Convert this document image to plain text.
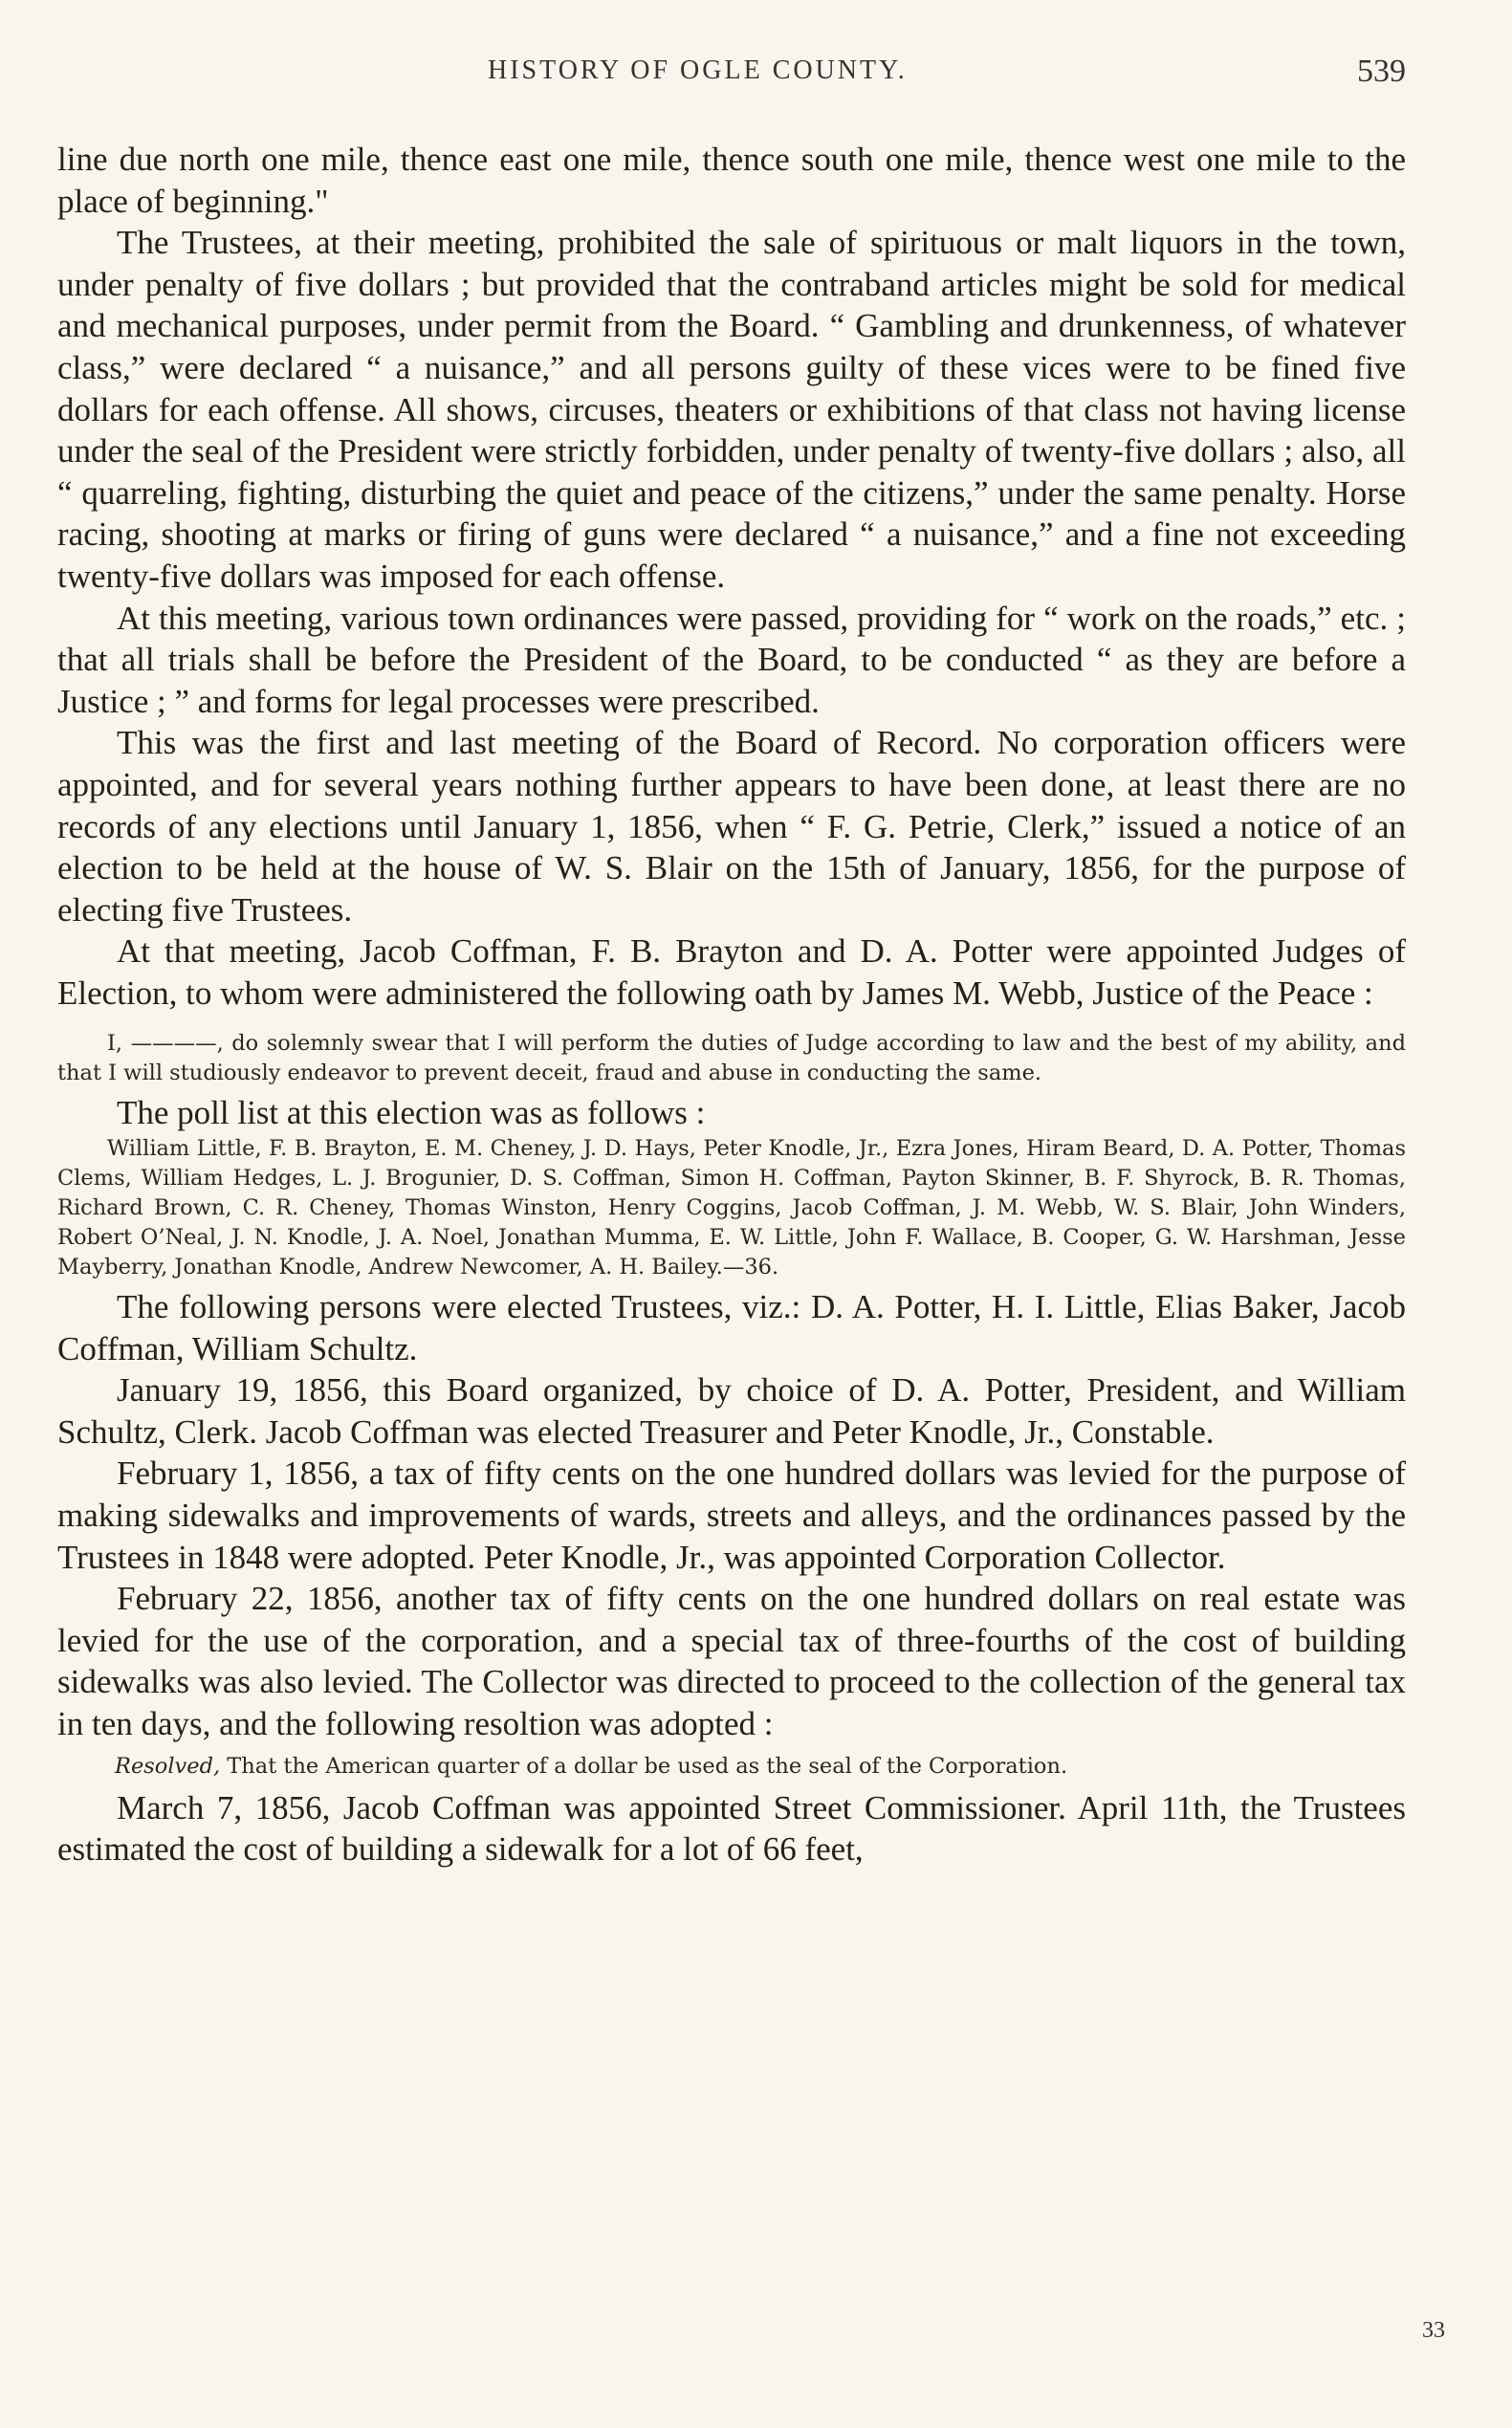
HISTORY OF OGLE COUNTY.	539

line due north one mile, thence east one mile, thence south one mile, thence west one mile to the place of beginning."

The Trustees, at their meeting, prohibited the sale of spirituous or malt liquors in the town, under penalty of five dollars ; but provided that the contraband articles might be sold for medical and mechanical purposes, under permit from the Board. “ Gambling and drunkenness, of whatever class,” were declared “ a nuisance,” and all persons guilty of these vices were to be fined five dollars for each offense. All shows, circuses, theaters or exhibitions of that class not having license under the seal of the President were strictly forbidden, under penalty of twenty-five dollars ; also, all “ quarreling, fighting, disturbing the quiet and peace of the citizens,” under the same penalty. Horse racing, shooting at marks or firing of guns were declared “ a nuisance,” and a fine not exceeding twenty-five dollars was imposed for each offense.

At this meeting, various town ordinances were passed, providing for “ work on the roads,” etc. ; that all trials shall be before the President of the Board, to be conducted “ as they are before a Justice ; ” and forms for legal processes were prescribed.

This was the first and last meeting of the Board of Record. No corporation officers were appointed, and for several years nothing further appears to have been done, at least there are no records of any elections until January 1, 1856, when “ F. G. Petrie, Clerk,” issued a notice of an election to be held at the house of W. S. Blair on the 15th of January, 1856, for the purpose of electing five Trustees.

At that meeting, Jacob Coffman, F. B. Brayton and D. A. Potter were appointed Judges of Election, to whom were administered the following oath by James M. Webb, Justice of the Peace :

I, ————, do solemnly swear that I will perform the duties of Judge according to law and the best of my ability, and that I will studiously endeavor to prevent deceit, fraud and abuse in conducting the same.

The poll list at this election was as follows :

William Little, F. B. Brayton, E. M. Cheney, J. D. Hays, Peter Knodle, Jr., Ezra Jones, Hiram Beard, D. A. Potter, Thomas Clems, William Hedges, L. J. Brogunier, D. S. Coffman, Simon H. Coffman, Payton Skinner, B. F. Shyrock, B. R. Thomas, Richard Brown, C. R. Cheney, Thomas Winston, Henry Coggins, Jacob Coffman, J. M. Webb, W. S. Blair, John Winders, Robert O’Neal, J. N. Knodle, J. A. Noel, Jonathan Mumma, E. W. Little, John F. Wallace, B. Cooper, G. W. Harshman, Jesse Mayberry, Jonathan Knodle, Andrew Newcomer, A. H. Bailey.—36.

The following persons were elected Trustees, viz.: D. A. Potter, H. I. Little, Elias Baker, Jacob Coffman, William Schultz.

January 19, 1856, this Board organized, by choice of D. A. Potter, President, and William Schultz, Clerk. Jacob Coffman was elected Treasurer and Peter Knodle, Jr., Constable.

February 1, 1856, a tax of fifty cents on the one hundred dollars was levied for the purpose of making sidewalks and improvements of wards, streets and alleys, and the ordinances passed by the Trustees in 1848 were adopted. Peter Knodle, Jr., was appointed Corporation Collector.

February 22, 1856, another tax of fifty cents on the one hundred dollars on real estate was levied for the use of the corporation, and a special tax of three-fourths of the cost of building sidewalks was also levied. The Collector was directed to proceed to the collection of the general tax in ten days, and the following resoltion was adopted :

Resolved, That the American quarter of a dollar be used as the seal of the Corporation.

March 7, 1856, Jacob Coffman was appointed Street Commissioner. April 11th, the Trustees estimated the cost of building a sidewalk for a lot of 66 feet,

33
